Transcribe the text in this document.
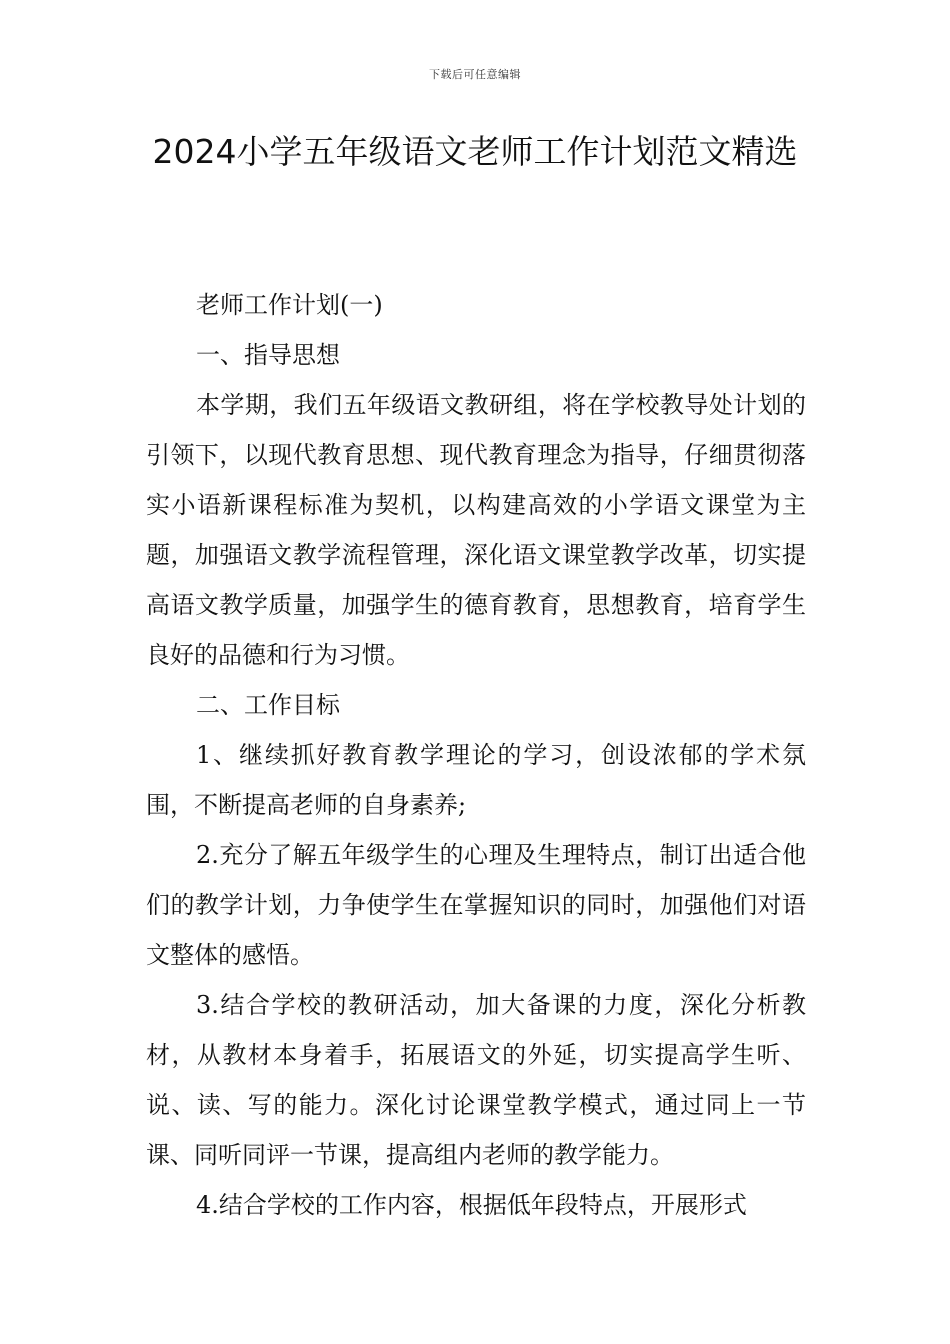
下载后可任意编辑
2024小学五年级语文老师工作计划范文精选

老师工作计划(一)

一、指导思想

本学期，我们五年级语文教研组，将在学校教导处计划的引领下，以现代教育思想、现代教育理念为指导，仔细贯彻落实小语新课程标准为契机，以构建高效的小学语文课堂为主题，加强语文教学流程管理，深化语文课堂教学改革，切实提高语文教学质量，加强学生的德育教育，思想教育，培育学生良好的品德和行为习惯。

二、工作目标

1、继续抓好教育教学理论的学习，创设浓郁的学术氛围，不断提高老师的自身素养;

2.充分了解五年级学生的心理及生理特点，制订出适合他们的教学计划，力争使学生在掌握知识的同时，加强他们对语文整体的感悟。

3.结合学校的教研活动，加大备课的力度，深化分析教材，从教材本身着手，拓展语文的外延，切实提高学生听、说、读、写的能力。深化讨论课堂教学模式，通过同上一节课、同听同评一节课，提高组内老师的教学能力。

4.结合学校的工作内容，根据低年段特点，开展形式
